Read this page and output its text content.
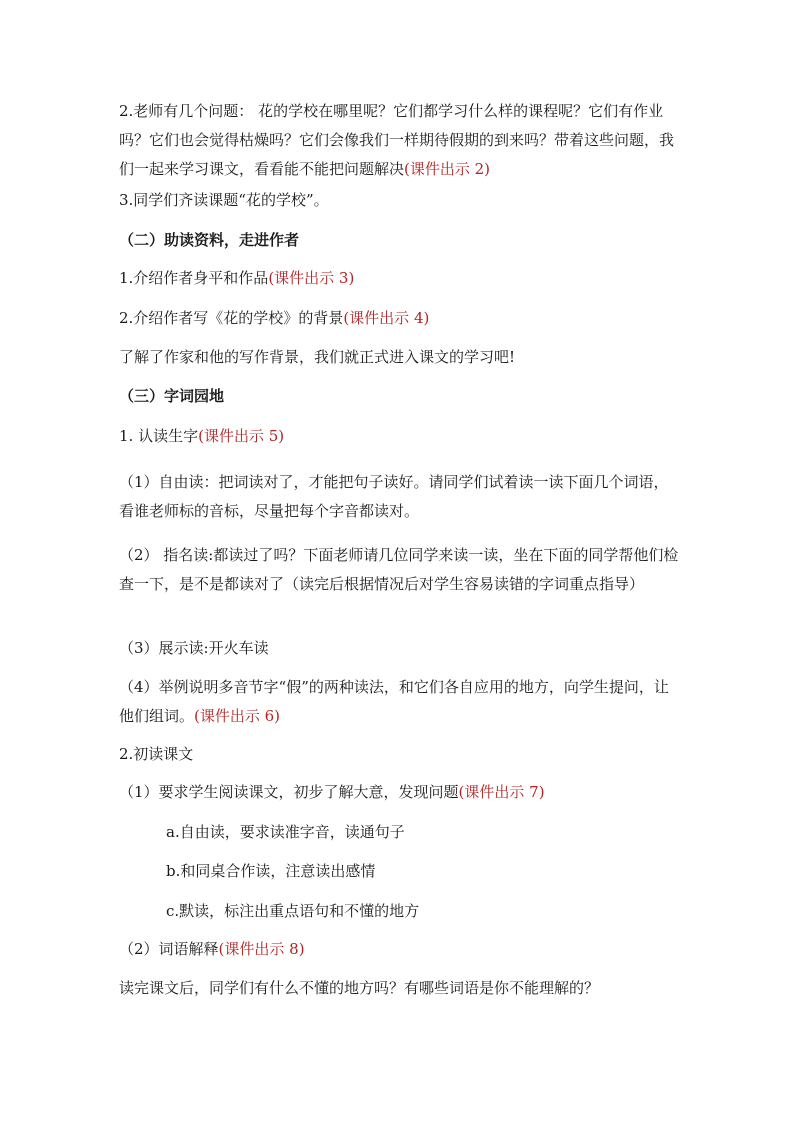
2.老师有几个问题： 花的学校在哪里呢？它们都学习什么样的课程呢？它们有作业吗？它们也会觉得枯燥吗？它们会像我们一样期待假期的到来吗？带着这些问题，我们一起来学习课文，看看能不能把问题解决(课件出示 2)

3.同学们齐读课题“花的学校”。

（二）助读资料，走进作者

1.介绍作者身平和作品(课件出示 3)

2.介绍作者写《花的学校》的背景(课件出示 4)

了解了作家和他的写作背景，我们就正式进入课文的学习吧!

（三）字词园地

1. 认读生字(课件出示 5)

（1）自由读：把词读对了，才能把句子读好。请同学们试着读一读下面几个词语，看谁老师标的音标，尽量把每个字音都读对。

（2） 指名读:都读过了吗？下面老师请几位同学来读一读，坐在下面的同学帮他们检查一下，是不是都读对了（读完后根据情况后对学生容易读错的字词重点指导）

（3）展示读:开火车读

（4）举例说明多音节字“假”的两种读法，和它们各自应用的地方，向学生提问，让他们组词。(课件出示 6)

2.初读课文

（1）要求学生阅读课文，初步了解大意，发现问题(课件出示 7)

a.自由读，要求读准字音，读通句子

b.和同桌合作读，注意读出感情

c.默读，标注出重点语句和不懂的地方

（2）词语解释(课件出示 8)

读完课文后，同学们有什么不懂的地方吗？有哪些词语是你不能理解的？
